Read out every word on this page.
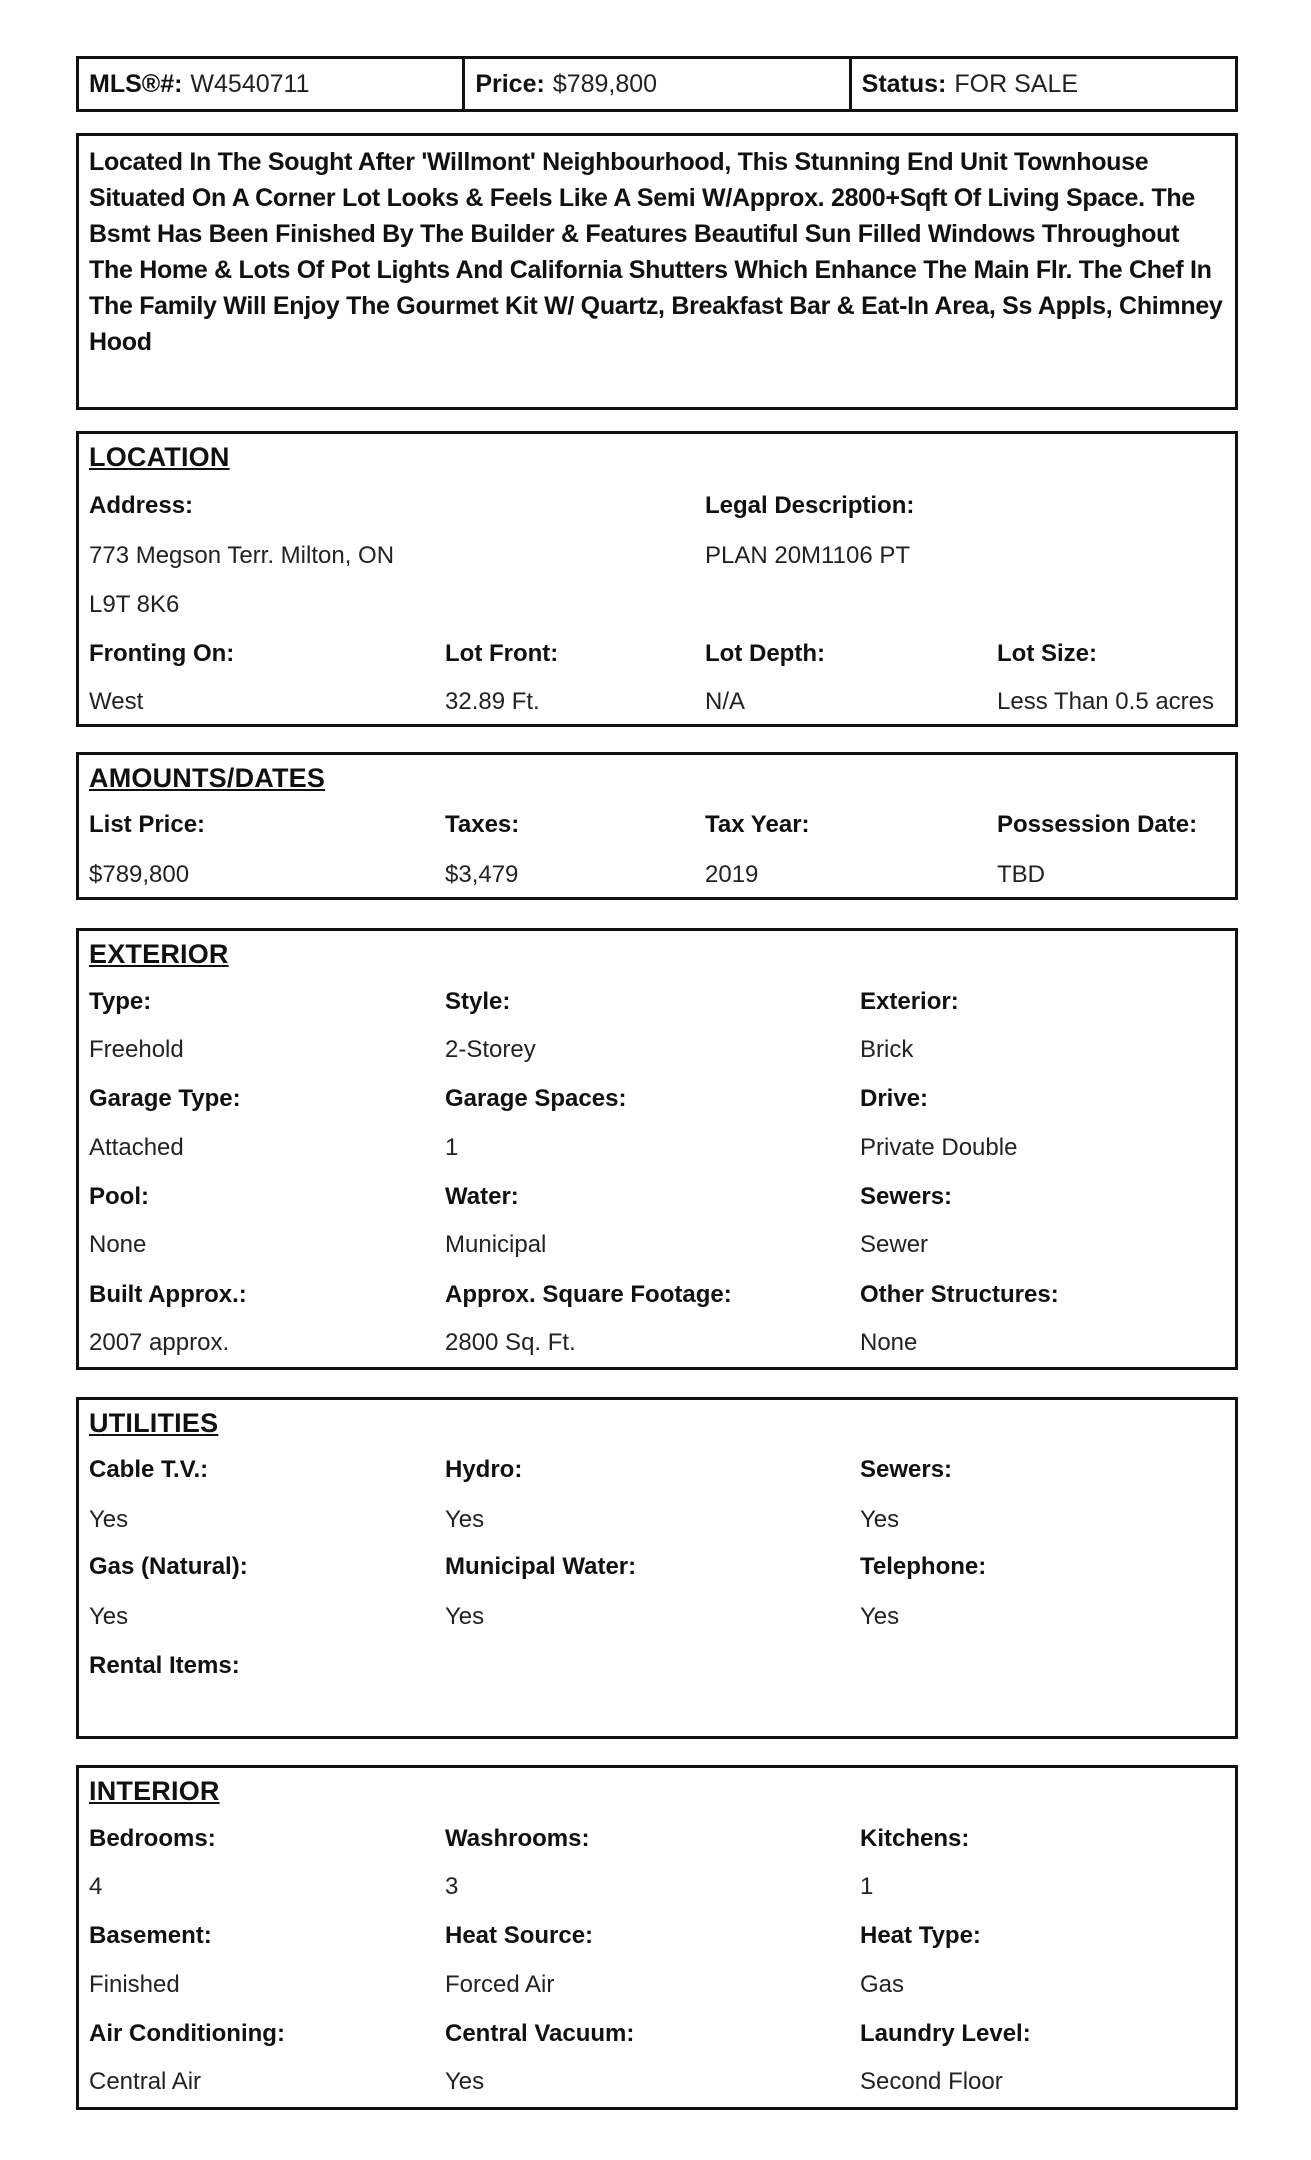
MLS®#: W4540711	Price: $789,800	Status: FOR SALE
Located In The Sought After 'Willmont' Neighbourhood, This Stunning End Unit Townhouse Situated On A Corner Lot Looks & Feels Like A Semi W/Approx. 2800+Sqft Of Living Space. The Bsmt Has Been Finished By The Builder & Features Beautiful Sun Filled Windows Throughout The Home & Lots Of Pot Lights And California Shutters Which Enhance The Main Flr. The Chef In The Family Will Enjoy The Gourmet Kit W/ Quartz, Breakfast Bar & Eat-In Area, Ss Appls, Chimney Hood
LOCATION
Address:	Legal Description:
773 Megson Terr. Milton, ON	PLAN 20M1106 PT
L9T 8K6
Fronting On:	Lot Front:	Lot Depth:	Lot Size:
West	32.89 Ft.	N/A	Less Than 0.5 acres
AMOUNTS/DATES
List Price:	Taxes:	Tax Year:	Possession Date:
$789,800	$3,479	2019	TBD
EXTERIOR
Type:	Style:	Exterior:
Freehold	2-Storey	Brick
Garage Type:	Garage Spaces:	Drive:
Attached	1	Private Double
Pool:	Water:	Sewers:
None	Municipal	Sewer
Built Approx.:	Approx. Square Footage:	Other Structures:
2007 approx.	2800 Sq. Ft.	None
UTILITIES
Cable T.V.:	Hydro:	Sewers:
Yes	Yes	Yes
Gas (Natural):	Municipal Water:	Telephone:
Yes	Yes	Yes
Rental Items:
INTERIOR
Bedrooms:	Washrooms:	Kitchens:
4	3	1
Basement:	Heat Source:	Heat Type:
Finished	Forced Air	Gas
Air Conditioning:	Central Vacuum:	Laundry Level:
Central Air	Yes	Second Floor
